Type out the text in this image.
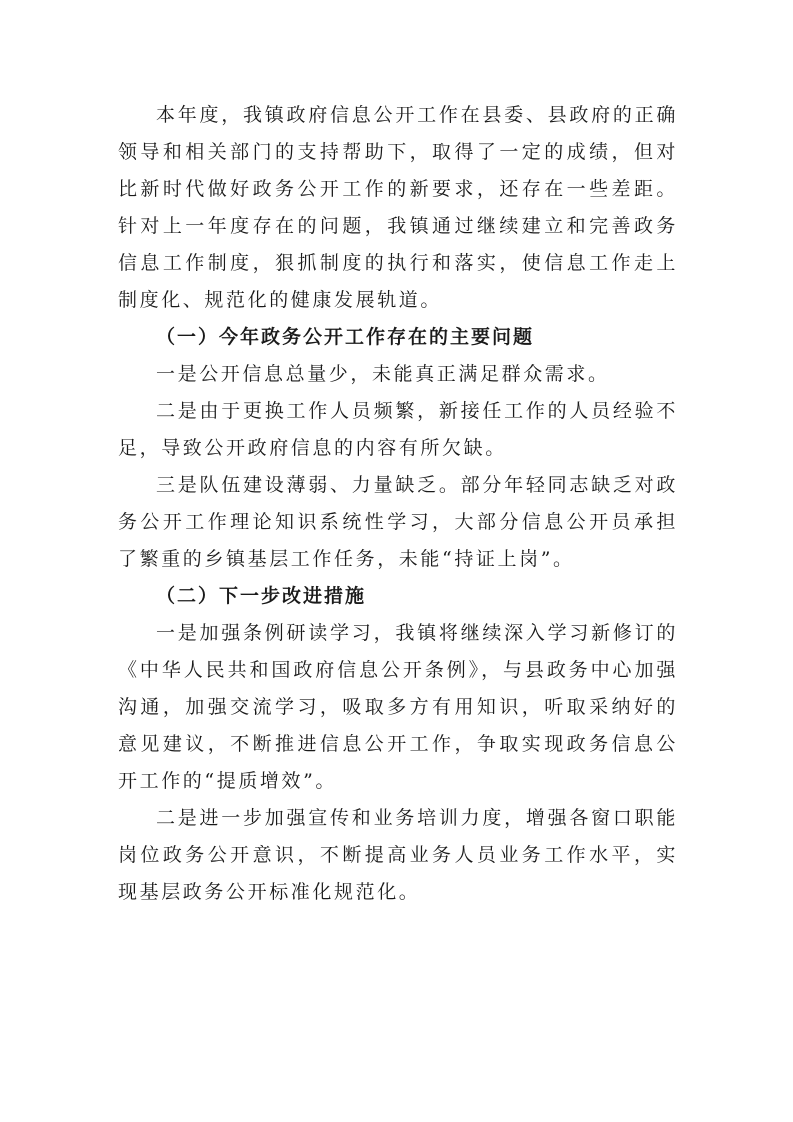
本年度，我镇政府信息公开工作在县委、县政府的正确领导和相关部门的支持帮助下，取得了一定的成绩，但对比新时代做好政务公开工作的新要求，还存在一些差距。针对上一年度存在的问题，我镇通过继续建立和完善政务信息工作制度，狠抓制度的执行和落实，使信息工作走上制度化、规范化的健康发展轨道。

（一）今年政务公开工作存在的主要问题

一是公开信息总量少，未能真正满足群众需求。

二是由于更换工作人员频繁，新接任工作的人员经验不足，导致公开政府信息的内容有所欠缺。

三是队伍建设薄弱、力量缺乏。部分年轻同志缺乏对政务公开工作理论知识系统性学习，大部分信息公开员承担了繁重的乡镇基层工作任务，未能“持证上岗”。

（二）下一步改进措施

一是加强条例研读学习，我镇将继续深入学习新修订的《中华人民共和国政府信息公开条例》，与县政务中心加强沟通，加强交流学习，吸取多方有用知识，听取采纳好的意见建议，不断推进信息公开工作，争取实现政务信息公开工作的“提质增效”。

二是进一步加强宣传和业务培训力度，增强各窗口职能岗位政务公开意识，不断提高业务人员业务工作水平，实现基层政务公开标准化规范化。
